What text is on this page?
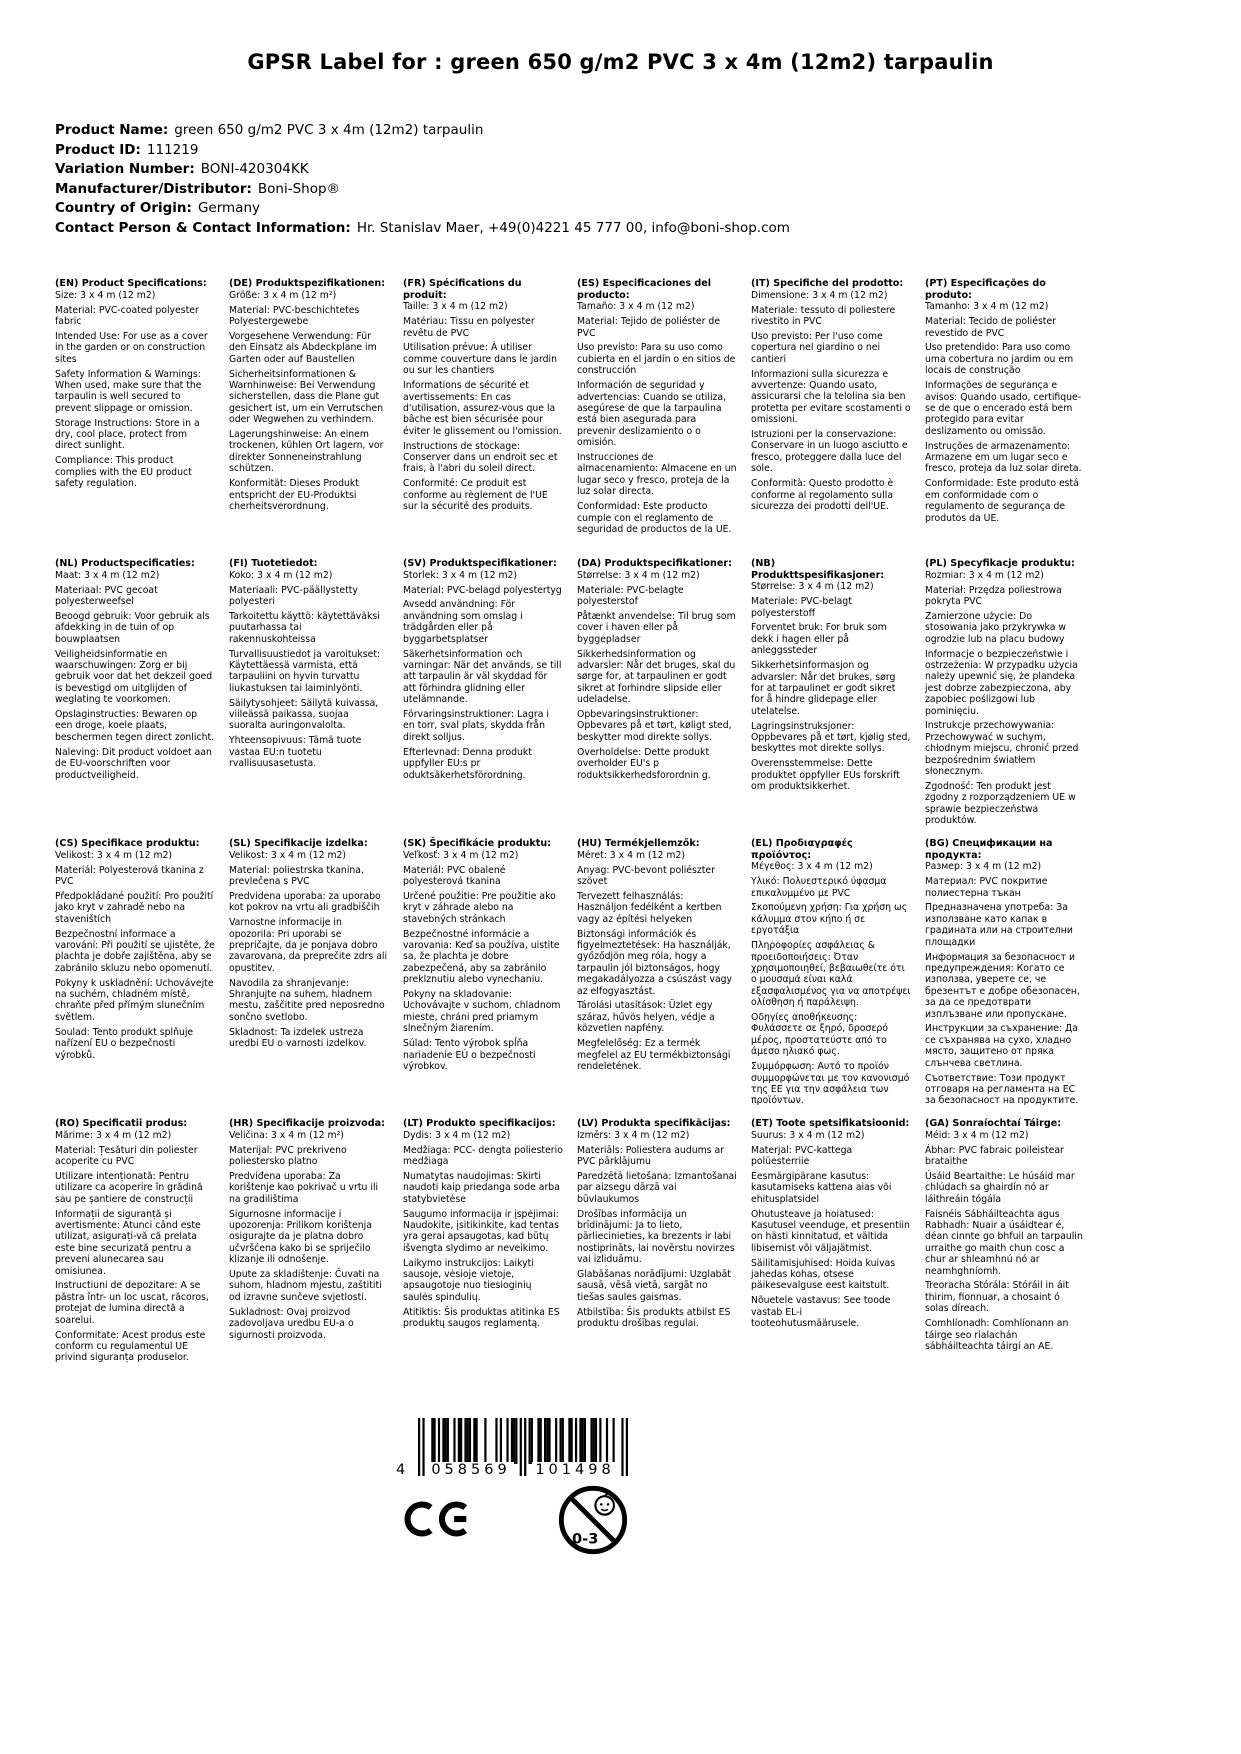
GPSR Label for : green 650 g/m2 PVC 3 x 4m (12m2) tarpaulin
Product Name: green 650 g/m2 PVC 3 x 4m (12m2) tarpaulin
Product ID: 111219
Variation Number: BONI-420304KK
Manufacturer/Distributor: Boni-Shop®
Country of Origin: Germany
Contact Person & Contact Information: Hr. Stanislav Maer, +49(0)4221 45 777 00, info@boni-shop.com
(EN) Product Specifications:
Size: 3 x 4 m (12 m2)
Material: PVC-coated polyester fabric
Intended Use: For use as a cover in the garden or on construction sites
Safety Information & Warnings: When used, make sure that the tarpaulin is well secured to prevent slippage or omission.
Storage Instructions: Store in a dry, cool place, protect from direct sunlight.
Compliance: This product complies with the EU product safety regulation.
(DE) Produktspezifikationen:
Größe: 3 x 4 m (12 m²)
Material: PVC-beschichtetes Polyestergewebe
Vorgesehene Verwendung: Für den Einsatz als Abdeckplane im Garten oder auf Baustellen
Sicherheitsinformationen & Warnhinweise: Bei Verwendung sicherstellen, dass die Plane gut gesichert ist, um ein Verrutschen oder Wegwehen zu verhindern.
Lagerungshinweise: An einem trockenen, kühlen Ort lagern, vor direkter Sonneneinstrahlung schützen.
Konformität: Dieses Produkt entspricht der EU-Produktsi cherheitsverordnung.
(FR) Spécifications du produit:
Taille: 3 x 4 m (12 m2)
Matériau: Tissu en polyester revêtu de PVC
Utilisation prévue: À utiliser comme couverture dans le jardin ou sur les chantiers
Informations de sécurité et avertissements: En cas d'utilisation, assurez-vous que la bâche est bien sécurisée pour éviter le glissement ou l'omission.
Instructions de stockage: Conserver dans un endroit sec et frais, à l'abri du soleil direct.
Conformité: Ce produit est conforme au règlement de l'UE sur la sécurité des produits.
(ES) Especificaciones del producto:
Tamaño: 3 x 4 m (12 m2)
Material: Tejido de poliéster de PVC
Uso previsto: Para su uso como cubierta en el jardín o en sitios de construcción
Información de seguridad y advertencias: Cuando se utiliza, asegúrese de que la tarpaulina está bien asegurada para prevenir deslizamiento o o omisión.
Instrucciones de almacenamiento: Almacene en un lugar seco y fresco, proteja de la luz solar directa.
Conformidad: Este producto cumple con el reglamento de seguridad de productos de la UE.
(IT) Specifiche del prodotto:
Dimensione: 3 x 4 m (12 m2)
Materiale: tessuto di poliestere rivestito in PVC
Uso previsto: Per l'uso come copertura nel giardino o nei cantieri
Informazioni sulla sicurezza e avvertenze: Quando usato, assicurarsi che la telolina sia ben protetta per evitare scostamenti o omissioni.
Istruzioni per la conservazione: Conservare in un luogo asciutto e fresco, proteggere dalla luce del sole.
Conformità: Questo prodotto è conforme al regolamento sulla sicurezza dei prodotti dell'UE.
(PT) Especificações do produto:
Tamanho: 3 x 4 m (12 m2)
Material: Tecido de poliéster revestido de PVC
Uso pretendido: Para uso como uma cobertura no jardim ou em locais de construção
Informações de segurança e avisos: Quando usado, certifique-se de que o encerado está bem protegido para evitar deslizamento ou omissão.
Instruções de armazenamento: Armazene em um lugar seco e fresco, proteja da luz solar direta.
Conformidade: Este produto está em conformidade com o regulamento de segurança de produtos da UE.
(NL) Productspecificaties:
Maat: 3 x 4 m (12 m2)
Materiaal: PVC gecoat polyesterweefsel
Beoogd gebruik: Voor gebruik als afdekking in de tuin of op bouwplaatsen
Veiligheidsinformatie en waarschuwingen: Zorg er bij gebruik voor dat het dekzeil goed is bevestigd om uitglijden of weglating te voorkomen.
Opslaginstructies: Bewaren op een droge, koele plaats, beschermen tegen direct zonlicht.
Naleving: Dit product voldoet aan de EU-voorschriften voor productveiligheid.
(FI) Tuotetiedot:
Koko: 3 x 4 m (12 m2)
Materiaali: PVC-päällystetty polyesteri
Tarkoitettu käyttö: käytettäväksi puutarhassa tai rakennuskohteissa
Turvallisuustiedot ja varoitukset: Käytettäessä varmista, että tarpauliini on hyvin turvattu liukastuksen tai laiminlyönti.
Säilytysohjeet: Säilytä kuivassa, viileässä paikassa, suojaa suoralta auringonvalolta.
Yhteensopivuus: Tämä tuote vastaa EU:n tuotetu rvallisuusasetusta.
(SV) Produktspecifikationer:
Storlek: 3 x 4 m (12 m2)
Material: PVC-belagd polyestertyg
Avsedd användning: För användning som omslag i trädgården eller på byggarbetsplatser
Säkerhetsinformation och varningar: När det används, se till att tarpaulin är väl skyddad för att förhindra glidning eller utelämnande.
Förvaringsinstruktioner: Lagra i en torr, sval plats, skydda från direkt solljus.
Efterlevnad: Denna produkt uppfyller EU:s pr oduktsäkerhetsförordning.
(DA) Produktspecifikationer:
Størrelse: 3 x 4 m (12 m2)
Materiale: PVC-belagte polyesterstof
Påtænkt anvendelse: Til brug som cover i haven eller på byggepladser
Sikkerhedsinformation og advarsler: Når det bruges, skal du sørge for, at tarpaulinen er godt sikret at forhindre slipside eller udeladelse.
Opbevaringsinstruktioner: Opbevares på et tørt, køligt sted, beskytter mod direkte sollys.
Overholdelse: Dette produkt overholder EU's p roduktsikkerhedsforordnin g.
(NB) Produkttspesifikasjoner:
Størrelse: 3 x 4 m (12 m2)
Materiale: PVC-belagt polyesterstoff
Forventet bruk: For bruk som dekk i hagen eller på anleggssteder
Sikkerhetsinformasjon og advarsler: Når det brukes, sørg for at tarpaulinet er godt sikret for å hindre glidepage eller utelatelse.
Lagringsinstruksjoner: Oppbevares på et tørt, kjølig sted, beskyttes mot direkte sollys.
Overensstemmelse: Dette produktet oppfyller EUs forskrift om produktsikkerhet.
(PL) Specyfikacje produktu:
Rozmiar: 3 x 4 m (12 m2)
Materiał: Przędza poliestrowa pokryta PVC
Zamierzone użycie: Do stosowania jako przykrywka w ogrodzie lub na placu budowy
Informacje o bezpieczeństwie i ostrzeżenia: W przypadku użycia należy upewnić się, że plandeka jest dobrze zabezpieczona, aby zapobiec poślizgowi lub pominięciu.
Instrukcje przechowywania: Przechowywać w suchym, chłodnym miejscu, chronić przed bezpośrednim światłem słonecznym.
Zgodność: Ten produkt jest zgodny z rozporządzeniem UE w sprawie bezpieczeństwa produktów.
(CS) Specifikace produktu:
Velikost: 3 x 4 m (12 m2)
Materiál: Polyesterová tkanina z PVC
Předpokládané použití: Pro použití jako kryt v zahradě nebo na staveništích
Bezpečnostní informace a varování: Při použití se ujistěte, že plachta je dobře zajištěna, aby se zabránilo skluzu nebo opomenutí.
Pokyny k uskladnění: Uchovávejte na suchém, chladném místě, chraňte před přímým slunečním světlem.
Soulad: Tento produkt splňuje nařízení EU o bezpečnosti výrobků.
(SL) Specifikacije izdelka:
Velikost: 3 x 4 m (12 m2)
Material: poliestrska tkanina, prevlečena s PVC
Predvidena uporaba: za uporabo kot pokrov na vrtu ali gradbiščih
Varnostne informacije in opozorila: Pri uporabi se prepričajte, da je ponjava dobro zavarovana, da preprečite zdrs ali opustitev.
Navodila za shranjevanje: Shranjujte na suhem, hladnem mestu, zaščitite pred neposredno sončno svetlobo.
Skladnost: Ta izdelek ustreza uredbi EU o varnosti izdelkov.
(SK) Špecifikácie produktu:
Veľkosť: 3 x 4 m (12 m2)
Materiál: PVC obalené polyesterová tkanina
Určené použitie: Pre použitie ako kryt v záhrade alebo na stavebných stránkach
Bezpečnostné informácie a varovania: Keď sa používa, uistite sa, že plachta je dobre zabezpečená, aby sa zabránilo preklznutiu alebo vynechaniu.
Pokyny na skladovanie: Uchovávajte v suchom, chladnom mieste, chráni pred priamym slnečným žiarením.
Súlad: Tento výrobok spĺňa nariadenie EÚ o bezpečnosti výrobkov.
(HU) Termékjellemzők:
Méret: 3 x 4 m (12 m2)
Anyag: PVC-bevont poliészter szövet
Tervezett felhasználás: Használjon fedélként a kertben vagy az építési helyeken
Biztonsági információk és figyelmeztetések: Ha használják, győződjön meg róla, hogy a tarpaulin jól biztonságos, hogy megakadályozza a csúszást vagy az elfogyasztást.
Tárolási utasítások: Üzlet egy száraz, hűvös helyen, védje a közvetlen napfény.
Megfelelőség: Ez a termék megfelel az EU termékbiztonsági rendeletének.
(EL) Προδιαγραφές προϊόντος:
Μέγεθος: 3 x 4 m (12 m2)
Υλικό: Πολυεστερικό ύφασμα επικαλυμμένο με PVC
Σκοπούμενη χρήση: Για χρήση ως κάλυμμα στον κήπο ή σε εργοτάξια
Πληροφορίες ασφάλειας & προειδοποιήσεις: Όταν χρησιμοποιηθεί, βεβαιωθείτε ότι ο μουσαμά είναι καλά εξασφαλισμένος για να αποτρέψει ολίσθηση ή παράλειψη.
Οδηγίες αποθήκευσης: Φυλάσσετε σε ξηρό, δροσερό μέρος, προστατεύστε από το άμεσο ηλιακό φως.
Συμμόρφωση: Αυτό το προϊόν συμμορφώνεται με τον κανονισμό της ΕΕ για την ασφάλεια των προϊόντων.
(BG) Спецификации на продукта:
Размер: 3 x 4 m (12 m2)
Материал: PVC покритие полиестерна тъкан
Предназначена употреба: За използване като капак в градината или на строителни площадки
Информация за безопасност и предупреждения: Когато се използва, уверете се, че брезентът е добре обезопасен, за да се предотврати изплъзване или пропускане.
Инструкции за съхранение: Да се съхранява на сухо, хладно място, защитено от пряка слънчева светлина.
Съответствие: Този продукт отговаря на регламента на ЕС за безопасност на продуктите.
(RO) Specificatii produs:
Mărime: 3 x 4 m (12 m2)
Material: Țesături din poliester acoperite cu PVC
Utilizare intenționată: Pentru utilizare ca acoperire în grădină sau pe șantiere de construcții
Informații de siguranță și avertismente: Atunci când este utilizat, asigurați-vă că prelata este bine securizată pentru a preveni alunecarea sau omisiunea.
Instructiuni de depozitare: A se păstra într- un loc uscat, răcoros, protejat de lumina directă a soarelui.
Conformitate: Acest produs este conform cu regulamentul UE privind siguranța produselor.
(HR) Specifikacije proizvoda:
Veličina: 3 x 4 m (12 m²)
Materijal: PVC prekriveno poliestersko platno
Predviđena uporaba: Za korištenje kao pokrivač u vrtu ili na gradilištima
Sigurnosne informacije i upozorenja: Prilikom korištenja osigurajte da je platna dobro učvršćena kako bi se spriječilo klizanje ili odnošenje.
Upute za skladištenje: Čuvati na suhom, hladnom mjestu, zaštititi od izravne sunčeve svjetlosti.
Sukladnost: Ovaj proizvod zadovoljava uredbu EU-a o sigurnosti proizvoda.
(LT) Produkto specifikacijos:
Dydis: 3 x 4 m (12 m2)
Medžiaga: PCC- dengta poliesterio medžiaga
Numatytas naudojimas: Skirti naudoti kaip priedanga sode arba statybvietėse
Saugumo informacija ir įspėjimai: Naudokite, įsitikinkite, kad tentas yra gerai apsaugotas, kad būtų išvengta slydimo ar neveikimo.
Laikymo instrukcijos: Laikyti sausoje, vėsioje vietoje, apsaugotoje nuo tiesioginių saulės spindulių.
Atitiktis: Šis produktas atitinka ES produktų saugos reglamentą.
(LV) Produkta specifikācijas:
Izmērs: 3 x 4 m (12 m2)
Materiāls: Poliestera audums ar PVC pārklājumu
Paredzētā lietošana: Izmantošanai par aizsegu dārzā vai būvlaukumos
Drošības informācija un brīdinājumi: Ja to lieto, pārliecinieties, ka brezents ir labi nostiprināts, lai novērstu novirzes vai izliduāmu.
Glabāšanas norādījumi: Uzglabāt sausā, vēsā vietā, sargāt no tiešas saules gaismas.
Atbilstība: Šis produkts atbilst ES produktu drošības regulai.
(ET) Toote spetsifikatsioonid:
Suurus: 3 x 4 m (12 m2)
Materjal: PVC-kattega polüesterriie
Eesmärgipärane kasutus: kasutamiseks kattena aias või ehitusplatsidel
Ohutusteave ja hoiatused: Kasutusel veenduge, et presentiin on hästi kinnitatud, et vältida libisemist või väljajätmist.
Säilitamisjuhised: Hoida kuivas jahedas kohas, otsese päikesevalguse eest kaitstult.
Nõuetele vastavus: See toode vastab EL-i tooteohutusmäärusele.
(GA) Sonraíochtaí Táirge:
Méid: 3 x 4 m (12 m2)
Ábhar: PVC fabraic poileistear brataithe
Úsáid Beartaithe: Le húsáid mar chlúdach sa ghairdín nó ar láithreáin tógála
Faisnéis Sábháilteachta agus Rabhadh: Nuair a úsáidtear é, déan cinnte go bhfuil an tarpaulin urraithe go maith chun cosc a chur ar shleamhnú nó ar neamhghníomh.
Treoracha Stórála: Stóráil in áit thirim, fionnuar, a chosaint ó solas díreach.
Comhlíonadh: Comhlíonann an táirge seo rialachán sábháilteachta táirgí an AE.
4 058569 101498
0-3
